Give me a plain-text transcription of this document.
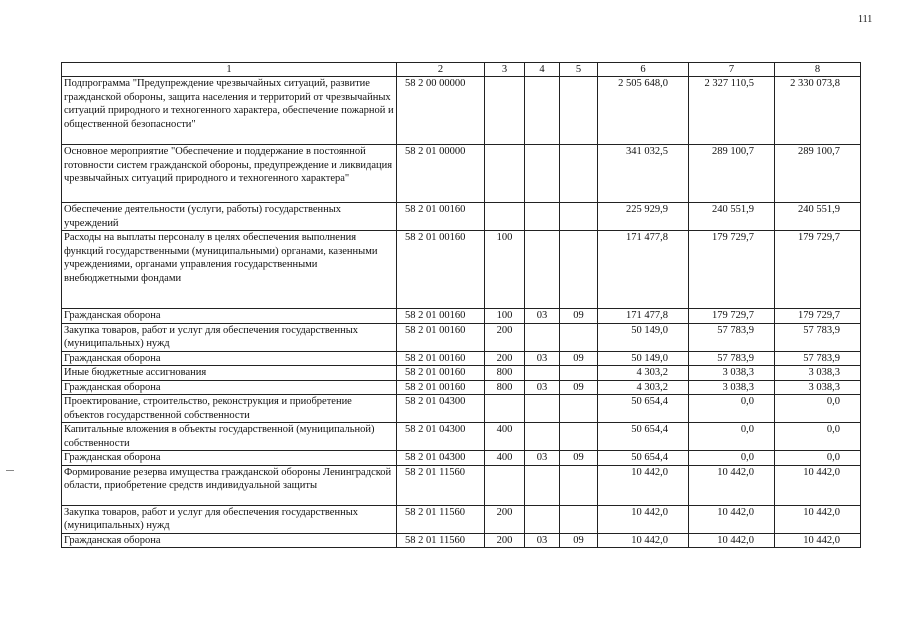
111
1	2	3	4	5	6	7	8
Подпрограмма "Предупреждение чрезвычайных ситуаций, развитие гражданской обороны, защита населения и территорий от чрезвычайных ситуаций природного и техногенного характера, обеспечение пожарной и общественной безопасности"	58 2 00 00000				2 505 648,0	2 327 110,5	2 330 073,8
Основное мероприятие "Обеспечение и поддержание в постоянной готовности систем гражданской обороны, предупреждение и ликвидация чрезвычайных ситуаций природного и техногенного характера"	58 2 01 00000				341 032,5	289 100,7	289 100,7
Обеспечение деятельности (услуги, работы) государственных учреждений	58 2 01 00160				225 929,9	240 551,9	240 551,9
Расходы на выплаты персоналу в целях обеспечения выполнения функций государственными (муниципальными) органами, казенными учреждениями, органами управления государственными внебюджетными фондами	58 2 01 00160	100			171 477,8	179 729,7	179 729,7
Гражданская оборона	58 2 01 00160	100	03	09	171 477,8	179 729,7	179 729,7
Закупка товаров, работ и услуг для обеспечения государственных (муниципальных) нужд	58 2 01 00160	200			50 149,0	57 783,9	57 783,9
Гражданская оборона	58 2 01 00160	200	03	09	50 149,0	57 783,9	57 783,9
Иные бюджетные ассигнования	58 2 01 00160	800			4 303,2	3 038,3	3 038,3
Гражданская оборона	58 2 01 00160	800	03	09	4 303,2	3 038,3	3 038,3
Проектирование, строительство, реконструкция и приобретение объектов государственной собственности	58 2 01 04300				50 654,4	0,0	0,0
Капитальные вложения в объекты государственной (муниципальной) собственности	58 2 01 04300	400			50 654,4	0,0	0,0
Гражданская оборона	58 2 01 04300	400	03	09	50 654,4	0,0	0,0
Формирование резерва имущества гражданской обороны Ленинградской области, приобретение средств индивидуальной защиты	58 2 01 11560				10 442,0	10 442,0	10 442,0
Закупка товаров, работ и услуг для обеспечения государственных (муниципальных) нужд	58 2 01 11560	200			10 442,0	10 442,0	10 442,0
Гражданская оборона	58 2 01 11560	200	03	09	10 442,0	10 442,0	10 442,0
